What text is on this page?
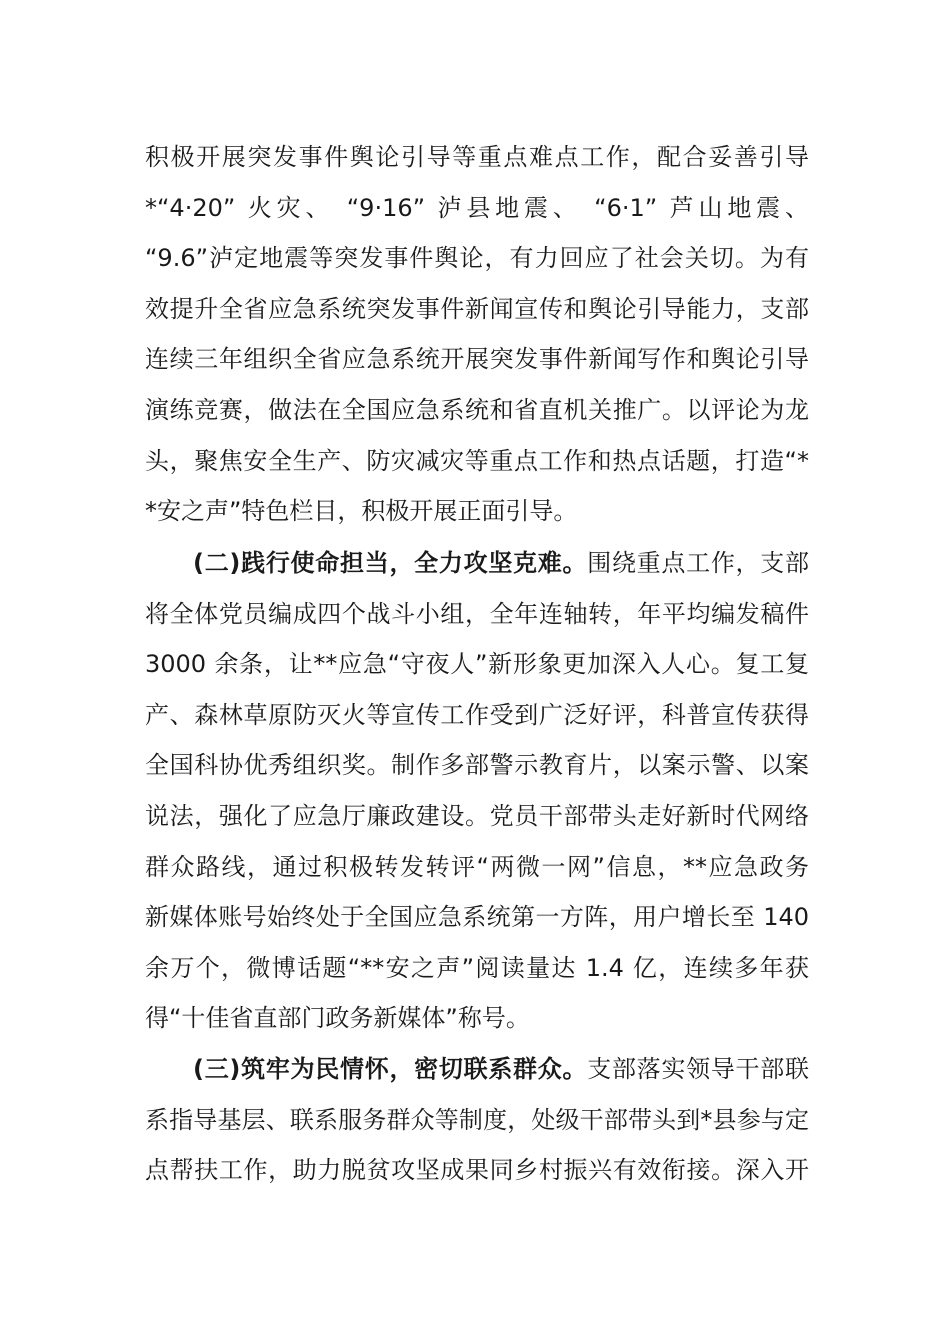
积极开展突发事件舆论引导等重点难点工作，配合妥善引导
*“4·20” 火灾、 “9·16” 泸县地震、 “6·1” 芦山地震、
“9.6”泸定地震等突发事件舆论，有力回应了社会关切。为有
效提升全省应急系统突发事件新闻宣传和舆论引导能力，支部
连续三年组织全省应急系统开展突发事件新闻写作和舆论引导
演练竞赛，做法在全国应急系统和省直机关推广。以评论为龙
头，聚焦安全生产、防灾减灾等重点工作和热点话题，打造“*
*安之声”特色栏目，积极开展正面引导。
(二)践行使命担当，全力攻坚克难。围绕重点工作，支部
将全体党员编成四个战斗小组，全年连轴转，年平均编发稿件
3000 余条，让**应急“守夜人”新形象更加深入人心。复工复
产、森林草原防灭火等宣传工作受到广泛好评，科普宣传获得
全国科协优秀组织奖。制作多部警示教育片，以案示警、以案
说法，强化了应急厅廉政建设。党员干部带头走好新时代网络
群众路线，通过积极转发转评“两微一网”信息，**应急政务
新媒体账号始终处于全国应急系统第一方阵，用户增长至 140
余万个，微博话题“**安之声”阅读量达 1.4 亿，连续多年获
得“十佳省直部门政务新媒体”称号。
(三)筑牢为民情怀，密切联系群众。支部落实领导干部联
系指导基层、联系服务群众等制度，处级干部带头到*县参与定
点帮扶工作，助力脱贫攻坚成果同乡村振兴有效衔接。深入开
